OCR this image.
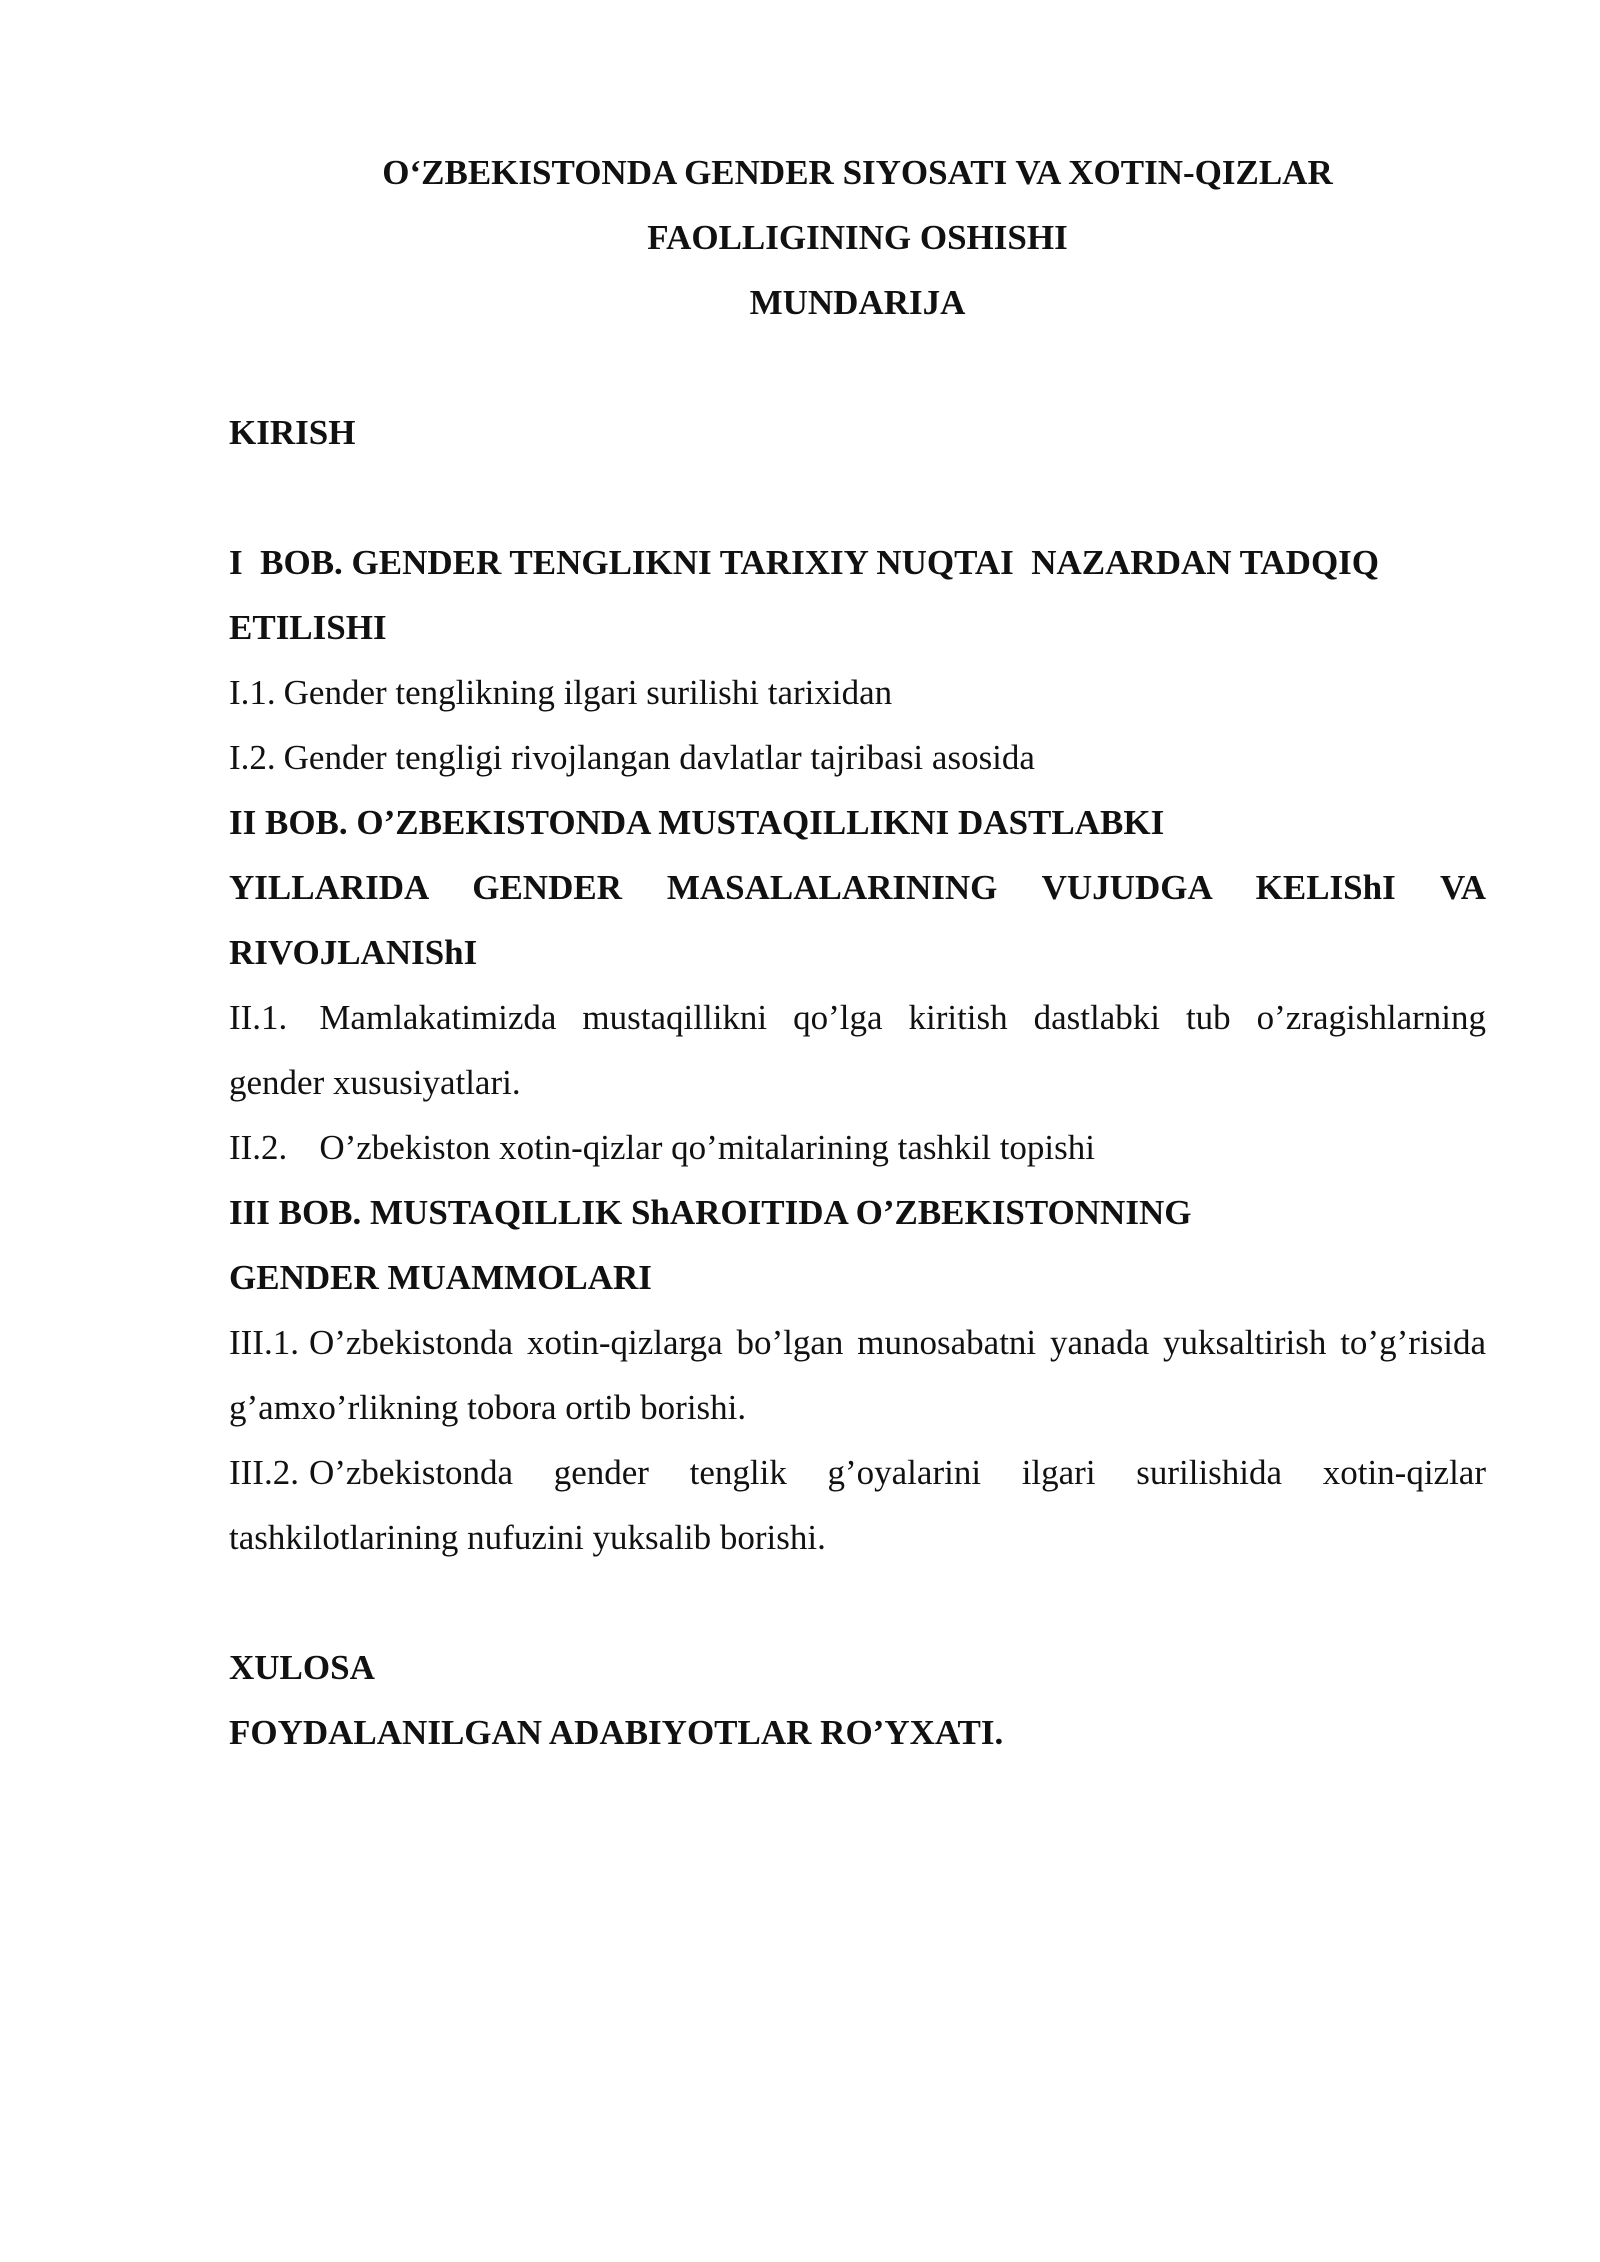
O‘ZBEKISTONDA GENDER SIYOSATI VA XOTIN-QIZLAR
FAOLLIGINING OSHISHI
MUNDARIJA
KIRISH
I  BOB. GENDER TENGLIKNI TARIXIY NUQTAI  NAZARDAN TADQIQ
ETILISHI
I.1. Gender tenglikning ilgari surilishi tarixidan
I.2. Gender tengligi rivojlangan davlatlar tajribasi asosida
II BOB. O’ZBEKISTONDA MUSTAQILLIKNI DASTLABKI
YILLARIDA GENDER MASALALARINING VUJUDGA KELIShI VA
RIVOJLANIShI
II.1. Mamlakatimizda mustaqillikni qo’lga kiritish dastlabki tub o’zragishlarning gender xususiyatlari.
II.2. O’zbekiston xotin-qizlar qo’mitalarining tashkil topishi
III BOB. MUSTAQILLIK ShAROITIDA O’ZBEKISTONNING
GENDER MUAMMOLARI
III.1. O’zbekistonda xotin-qizlarga bo’lgan munosabatni yanada yuksaltirish to’g’risida g’amxo’rlikning tobora ortib borishi.
III.2. O’zbekistonda gender tenglik g’oyalarini ilgari surilishida xotin-qizlar tashkilotlarining nufuzini yuksalib borishi.
XULOSA
FOYDALANILGAN ADABIYOTLAR RO’YXATI.
